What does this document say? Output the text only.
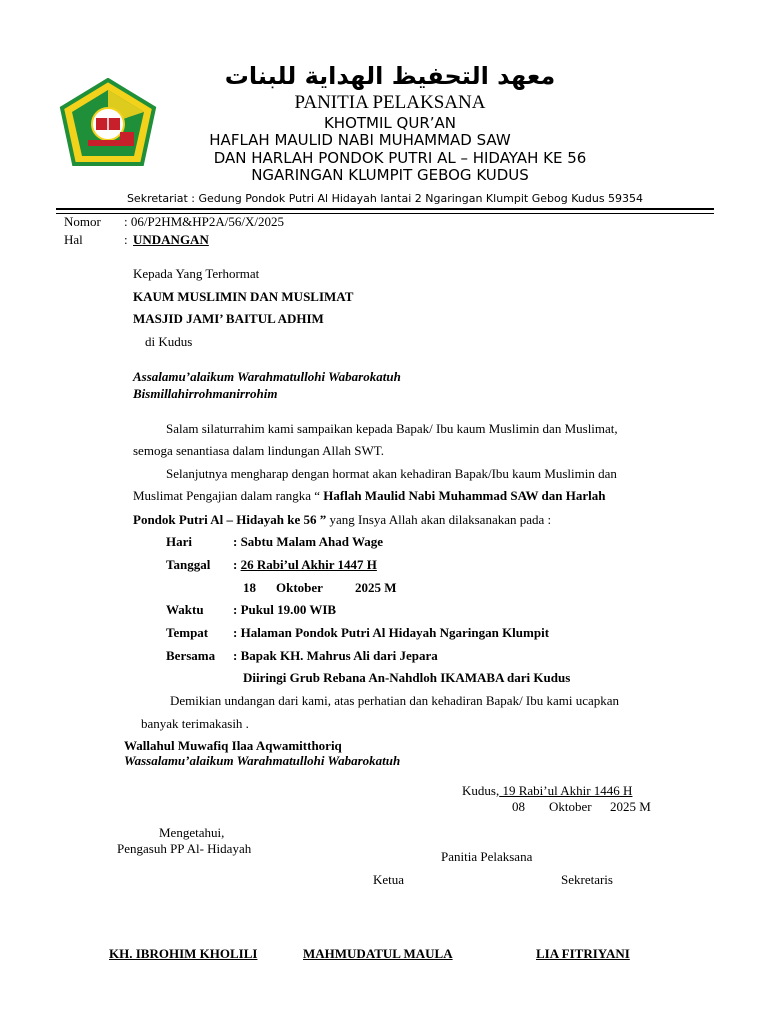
معهد التحفيظ الهداية للبنات
PANITIA PELAKSANA
KHOTMIL QUR’AN
HAFLAH MAULID NABI MUHAMMAD SAW
DAN HARLAH PONDOK PUTRI AL – HIDAYAH KE 56
NGARINGAN KLUMPIT GEBOG KUDUS
Sekretariat : Gedung Pondok Putri Al Hidayah lantai 2 Ngaringan Klumpit Gebog Kudus 59354
Nomor : 06/P2HM&HP2A/56/X/2025
Hal	: UNDANGAN
Kepada Yang Terhormat
KAUM MUSLIMIN DAN MUSLIMAT
MASJID JAMI’ BAITUL ADHIM
di Kudus
Assalamu’alaikum Warahmatullohi Wabarokatuh
Bismillahirrohmanirrohim
Salam silaturrahim kami sampaikan kepada Bapak/ Ibu kaum Muslimin dan Muslimat,
semoga senantiasa dalam lindungan Allah SWT.
Selanjutnya mengharap dengan hormat akan kehadiran Bapak/Ibu kaum Muslimin dan
Muslimat Pengajian dalam rangka “ Haflah Maulid Nabi Muhammad SAW dan Harlah
Pondok Putri Al – Hidayah ke 56 ” yang Insya Allah akan dilaksanakan pada :
Hari	: Sabtu Malam Ahad Wage
Tanggal : 26 Rabi’ul Akhir 1447 H
18 Oktober 2025 M
Waktu : Pukul 19.00 WIB
Tempat : Halaman Pondok Putri Al Hidayah Ngaringan Klumpit
Bersama : Bapak KH. Mahrus Ali dari Jepara
Diiringi Grub Rebana An-Nahdloh IKAMABA dari Kudus
Demikian undangan dari kami, atas perhatian dan kehadiran Bapak/ Ibu kami ucapkan
banyak terimakasih .
Wallahul Muwafiq Ilaa Aqwamitthoriq
Wassalamu’alaikum Warahmatullohi Wabarokatuh
Kudus, 19 Rabi’ul Akhir 1446 H
08 Oktober 2025 M
Mengetahui,
Pengasuh PP Al- Hidayah
Panitia Pelaksana
Ketua	Sekretaris
KH. IBROHIM KHOLILI	MAHMUDATUL MAULA	LIA FITRIYANI
